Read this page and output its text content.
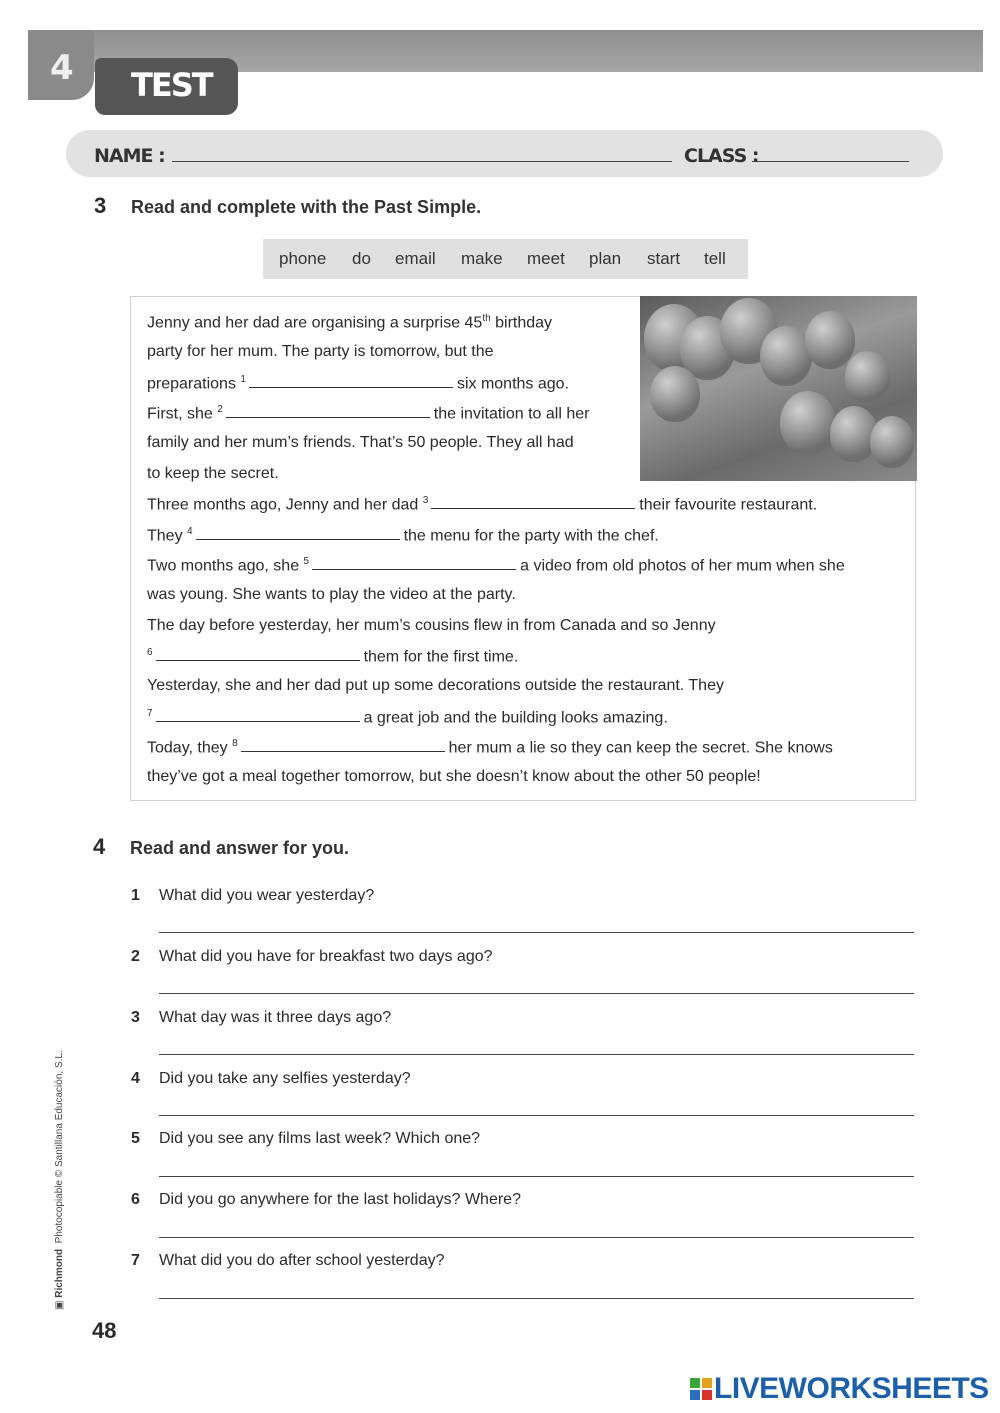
4 TEST
NAME :	CLASS :
3 Read and complete with the Past Simple.
phone do email make meet plan start tell
Jenny and her dad are organising a surprise 45th birthday
party for her mum. The party is tomorrow, but the
preparations $^1$	six months ago.
First, she $^2$	the invitation to all her
family and her mum’s friends. That’s 50 people. They all had
to keep the secret.
Three months ago, Jenny and her dad $^3$	their favourite restaurant.
They $^4$	the menu for the party with the chef.
Two months ago, she $^5$	a video from old photos of her mum when she
was young. She wants to play the video at the party.
The day before yesterday, her mum’s cousins flew in from Canada and so Jenny
$^6$	them for the first time.
Yesterday, she and her dad put up some decorations outside the restaurant. They
$^7$	a great job and the building looks amazing.
Today, they $^8$	her mum a lie so they can keep the secret. She knows
they’ve got a meal together tomorrow, but she doesn’t know about the other 50 people!
4 Read and answer for you.
1 What did you wear yesterday?
2 What did you have for breakfast two days ago?
3 What day was it three days ago?
4 Did you take any selfies yesterday?
5 Did you see any films last week? Which one?
6 Did you go anywhere for the last holidays? Where?
7 What did you do after school yesterday?
▣ Richmond  Photocopiable © Santillana Educación, S.L.
48
LIVEWORKSHEETS
